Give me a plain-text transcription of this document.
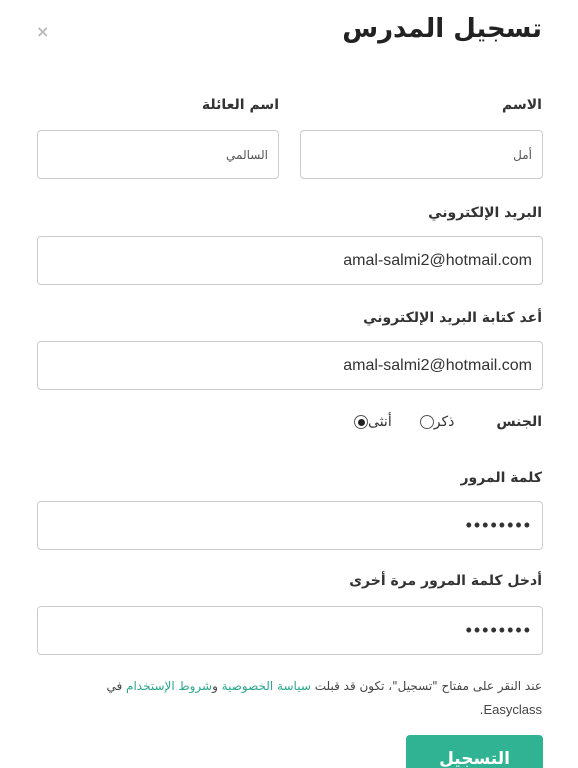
تسجيل المدرس
×
الاسم
أمل
اسم العائلة
السالمي
البريد الإلكتروني
amal-salmi2@hotmail.com
أعد كتابة البريد الإلكتروني
amal-salmi2@hotmail.com
الجنس
ذكر
أنثى
كلمة المرور
••••••••
أدخل كلمة المرور مرة أخرى
••••••••
عند النقر على مفتاح "تسجيل"، تكون قد قبلت سياسة الخصوصية وشروط الإستخدام في
Easyclass.
التسجيل
